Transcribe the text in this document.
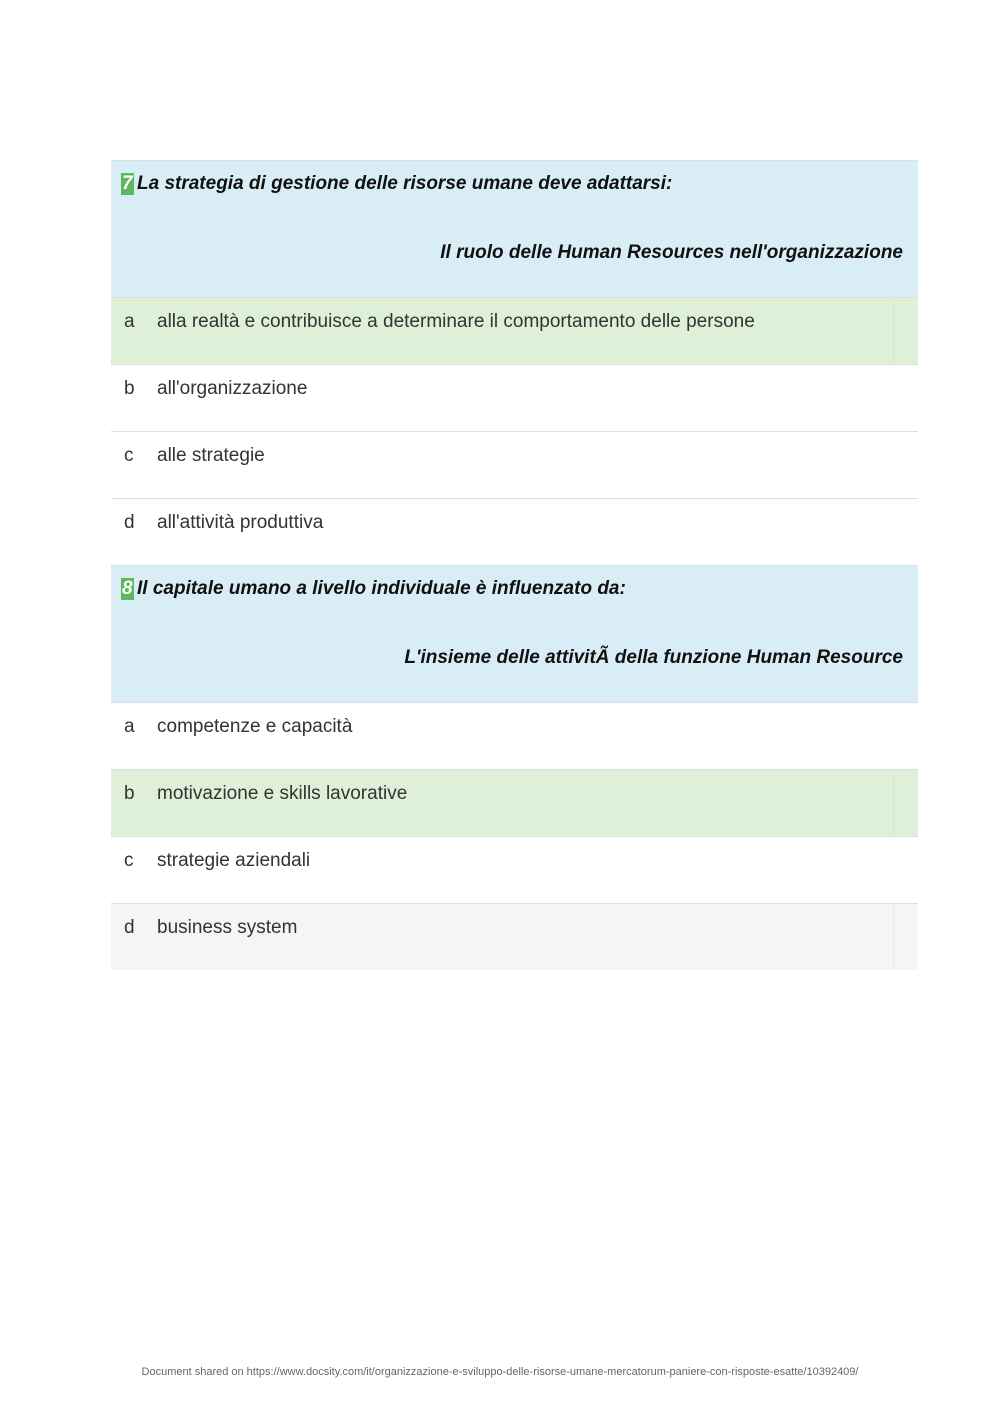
7 La strategia di gestione delle risorse umane deve adattarsi:
Il ruolo delle Human Resources nell'organizzazione
a alla realtà e contribuisce a determinare il comportamento delle persone
b all'organizzazione
c alle strategie
d all'attività produttiva
8 Il capitale umano a livello individuale è influenzato da:
L'insieme delle attivitÃ della funzione Human Resource
a competenze e capacità
b motivazione e skills lavorative
c strategie aziendali
d business system
Document shared on https://www.docsity.com/it/organizzazione-e-sviluppo-delle-risorse-umane-mercatorum-paniere-con-risposte-esatte/10392409/
